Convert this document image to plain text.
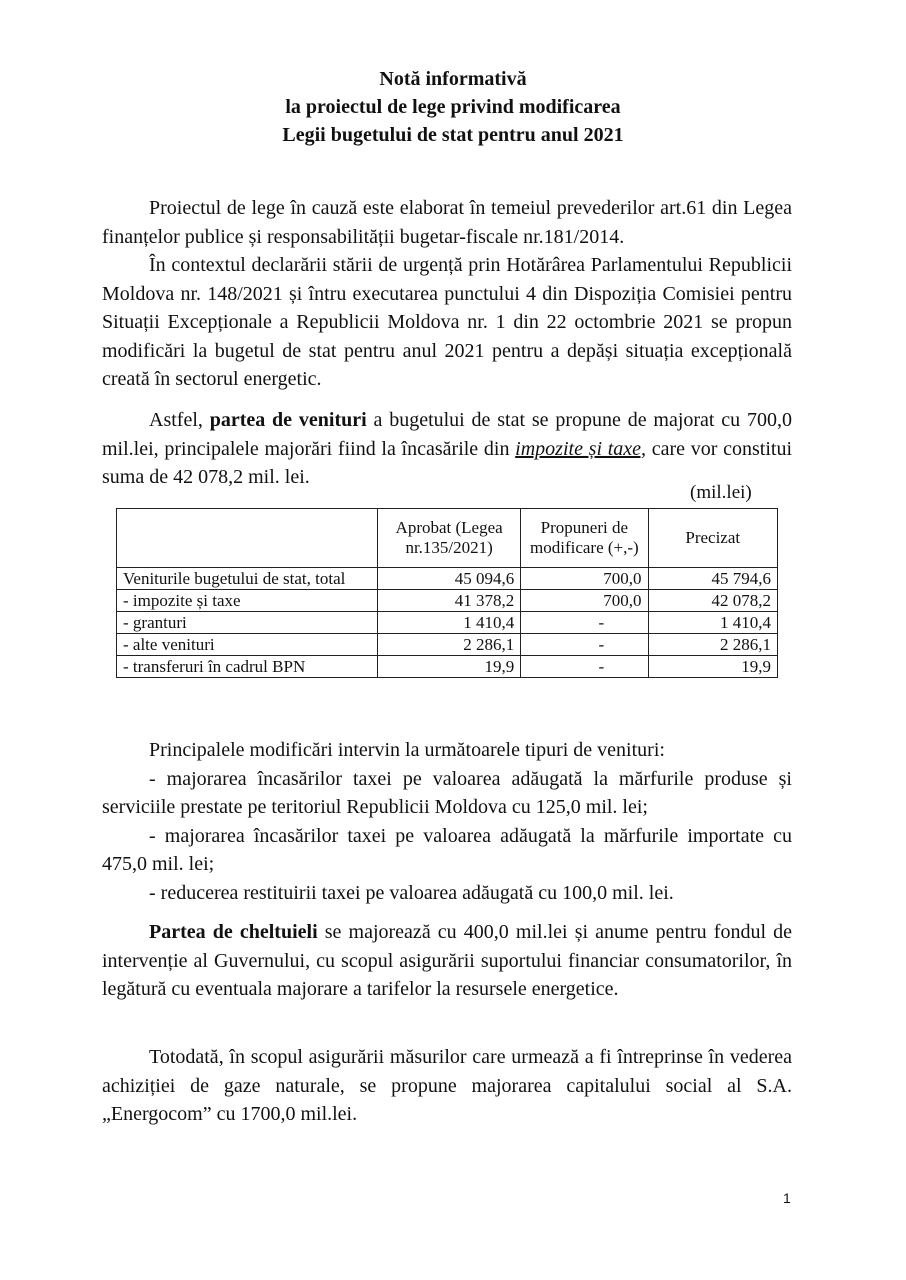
Notă informativă
la proiectul de lege privind modificarea
Legii bugetului de stat pentru anul 2021
Proiectul de lege în cauză este elaborat în temeiul prevederilor art.61 din Legea finanțelor publice și responsabilității bugetar-fiscale nr.181/2014.
În contextul declarării stării de urgență prin Hotărârea Parlamentului Republicii Moldova nr. 148/2021 și întru executarea punctului 4 din Dispoziția Comisiei pentru Situații Excepționale a Republicii Moldova nr. 1 din 22 octombrie 2021 se propun modificări la bugetul de stat pentru anul 2021 pentru a depăși situația excepțională creată în sectorul energetic.
Astfel, partea de venituri a bugetului de stat se propune de majorat cu 700,0 mil.lei, principalele majorări fiind la încasările din impozite și taxe, care vor constitui suma de 42 078,2 mil. lei.
(mil.lei)
	Aprobat (Legea nr.135/2021)	Propuneri de modificare (+,-)	Precizat
Veniturile bugetului de stat, total	45 094,6	700,0	45 794,6
- impozite și taxe	41 378,2	700,0	42 078,2
- granturi	1 410,4	-	1 410,4
- alte venituri	2 286,1	-	2 286,1
- transferuri în cadrul BPN	19,9	-	19,9
Principalele modificări intervin la următoarele tipuri de venituri:
- majorarea încasărilor taxei pe valoarea adăugată la mărfurile produse și serviciile prestate pe teritoriul Republicii Moldova cu 125,0 mil. lei;
- majorarea încasărilor taxei pe valoarea adăugată la mărfurile importate cu 475,0 mil. lei;
- reducerea restituirii taxei pe valoarea adăugată cu 100,0 mil. lei.
Partea de cheltuieli se majorează cu 400,0 mil.lei și anume pentru fondul de intervenție al Guvernului, cu scopul asigurării suportului financiar consumatorilor, în legătură cu eventuala majorare a tarifelor la resursele energetice.
Totodată, în scopul asigurării măsurilor care urmează a fi întreprinse în vederea achiziției de gaze naturale, se propune majorarea capitalului social al S.A. „Energocom” cu 1700,0 mil.lei.
1
